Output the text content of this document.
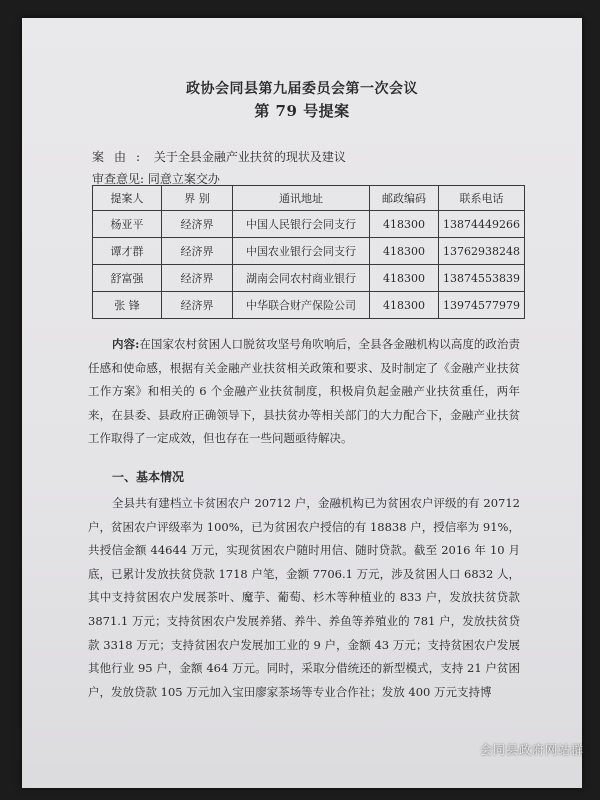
政协会同县第九届委员会第一次会议
第 79 号提案
案由: 关于全县金融产业扶贫的现状及建议
审查意见: 同意立案交办
提案人	界 别	通讯地址	邮政编码	联系电话
杨亚平	经济界	中国人民银行会同支行	418300	13874449266
谭才群	经济界	中国农业银行会同支行	418300	13762938248
舒富强	经济界	湖南会同农村商业银行	418300	13874553839
张 锋	经济界	中华联合财产保险公司	418300	13974577979
内容:在国家农村贫困人口脱贫攻坚号角吹响后，全县各金融机构以高度的政治责任感和使命感，根据有关金融产业扶贫相关政策和要求、及时制定了《金融产业扶贫工作方案》和相关的 6 个金融产业扶贫制度，积极肩负起金融产业扶贫重任，两年来，在县委、县政府正确领导下，县扶贫办等相关部门的大力配合下，金融产业扶贫工作取得了一定成效，但也存在一些问题亟待解决。
一、基本情况
全县共有建档立卡贫困农户 20712 户，金融机构已为贫困农户评级的有 20712 户，贫困农户评级率为 100%，已为贫困农户授信的有 18838 户，授信率为 91%，共授信金额 44644 万元，实现贫困农户随时用信、随时贷款。截至 2016 年 10 月底，已累计发放扶贫贷款 1718 户笔，金额 7706.1 万元，涉及贫困人口 6832 人，其中支持贫困农户发展茶叶、魔芋、葡萄、杉木等种植业的 833 户，发放扶贫贷款 3871.1 万元；支持贫困农户发展养猪、养牛、养鱼等养殖业的 781 户，发放扶贫贷款 3318 万元；支持贫困农户发展加工业的 9 户，金额 43 万元；支持贫困农户发展其他行业 95 户，金额 464 万元。同时，采取分借统还的新型模式，支持 21 户贫困户，发放贷款 105 万元加入宝田廖家茶场等专业合作社；发放 400 万元支持博
会同县政府网站群
